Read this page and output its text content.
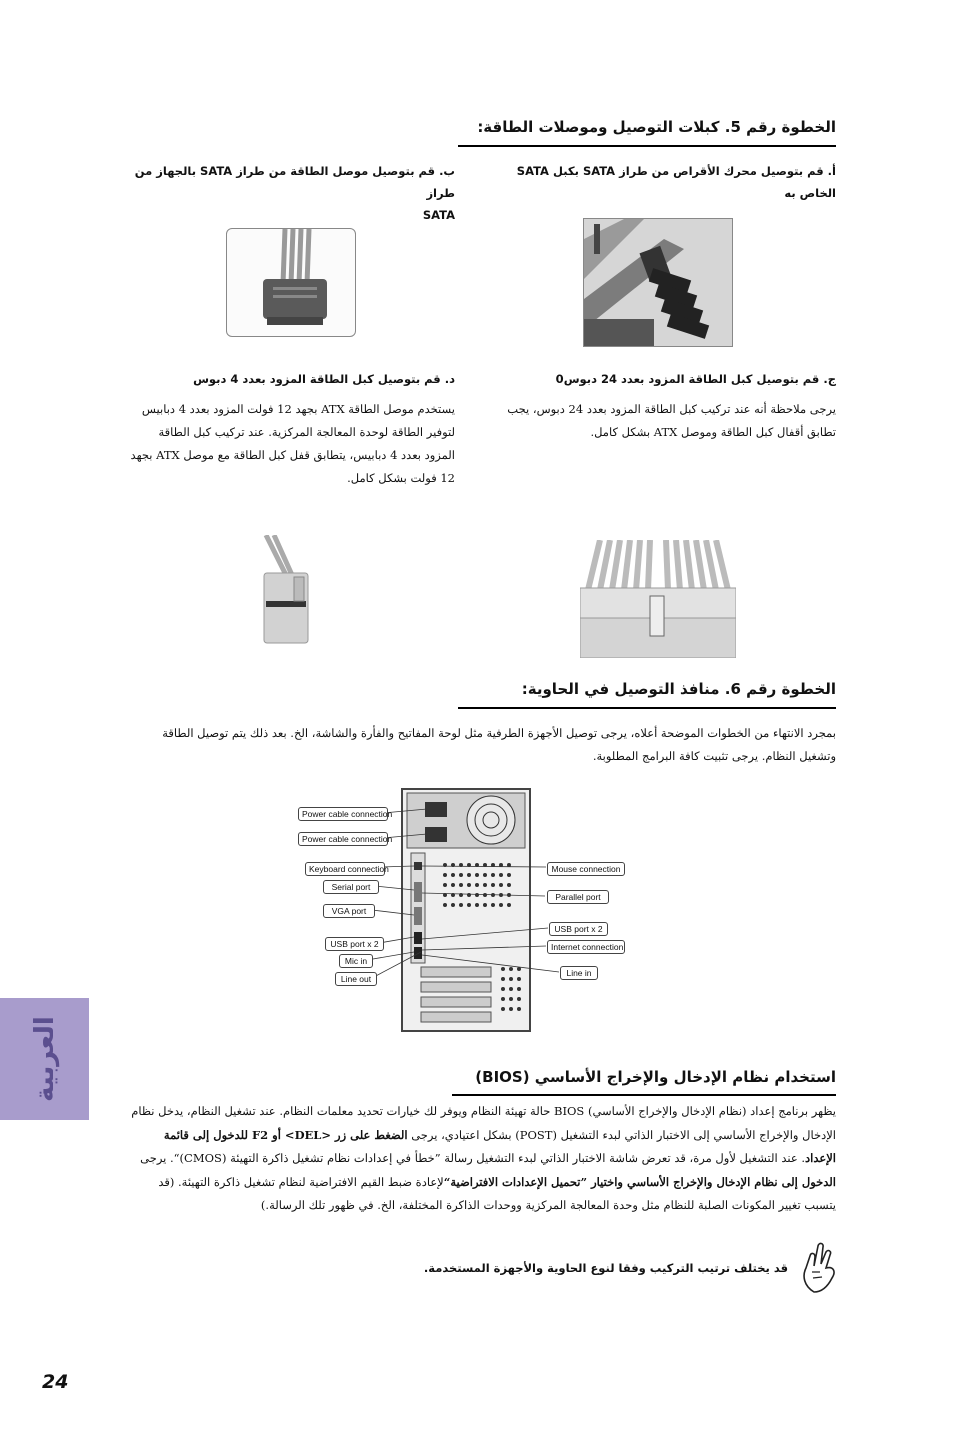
الخطوة رقم 5. كبلات التوصيل وموصلات الطاقة:
أ. قم بتوصيل محرك الأقراص من طراز SATA بكبل SATA الخاص به
ب. قم بتوصيل موصل الطاقة من طراز SATA بالجهاز من طراز
SATA
ج. قم بتوصيل كبل الطاقة المزود بعدد 24 دبوس0
يرجى ملاحظة أنه عند تركيب كبل الطاقة المزود بعدد 24 دبوس، يجب تطابق أقفال كبل الطاقة وموصل ATX بشكل كامل.
د. قم بتوصيل كبل الطاقة المزود بعدد 4 دبوس
يستخدم موصل الطاقة ATX بجهد 12 فولت المزود بعدد 4 دبابيس لتوفير الطاقة لوحدة المعالجة المركزية. عند تركيب كبل الطاقة المزود بعدد 4 دبابيس، يتطابق قفل كبل الطاقة مع موصل ATX بجهد 12 فولت بشكل كامل.
الخطوة رقم 6. منافذ التوصيل في الحاوية:
بمجرد الانتهاء من الخطوات الموضحة أعلاه، يرجى توصيل الأجهزة الطرفية مثل لوحة المفاتيح والفأرة والشاشة، الخ. بعد ذلك يتم توصيل الطاقة وتشغيل النظام. يرجى تثبيت كافة البرامج المطلوبة.
Power cable connection
Power cable connection
Keyboard connection
Serial port
VGA port
USB port x 2
Mic in
Line out
Mouse connection
Parallel port
USB port x 2
Internet connection
Line in
استخدام نظام الإدخال والإخراج الأساسي (BIOS)
يظهر برنامج إعداد (نظام الإدخال والإخراج الأساسي) BIOS حالة تهيئة النظام ويوفر لك خيارات تحديد معلمات النظام. عند تشغيل النظام، يدخل نظام الإدخال والإخراج الأساسي إلى الاختبار الذاتي لبدء التشغيل (POST) بشكل اعتيادي، يرجى الضغط على زر <DEL> أو F2 للدخول إلى قائمة الإعداد. عند التشغيل لأول مرة، قد تعرض شاشة الاختبار الذاتي لبدء التشغيل رسالة ”خطأ في إعدادات نظام تشغيل ذاكرة التهيئة (CMOS)“. يرجى الدخول إلى نظام الإدخال والإخراج الأساسي واختيار ”تحميل الإعدادات الافتراضية“لإعادة ضبط القيم الافتراضية لنظام تشغيل ذاكرة التهيئة. (قد يتسبب تغيير المكونات الصلبة للنظام مثل وحدة المعالجة المركزية ووحدات الذاكرة المختلفة، الخ. في ظهور تلك الرسالة.)
قد يختلف ترتيب التركيب وفقا لنوع الحاوية والأجهزة المستخدمة.
العربية
24
